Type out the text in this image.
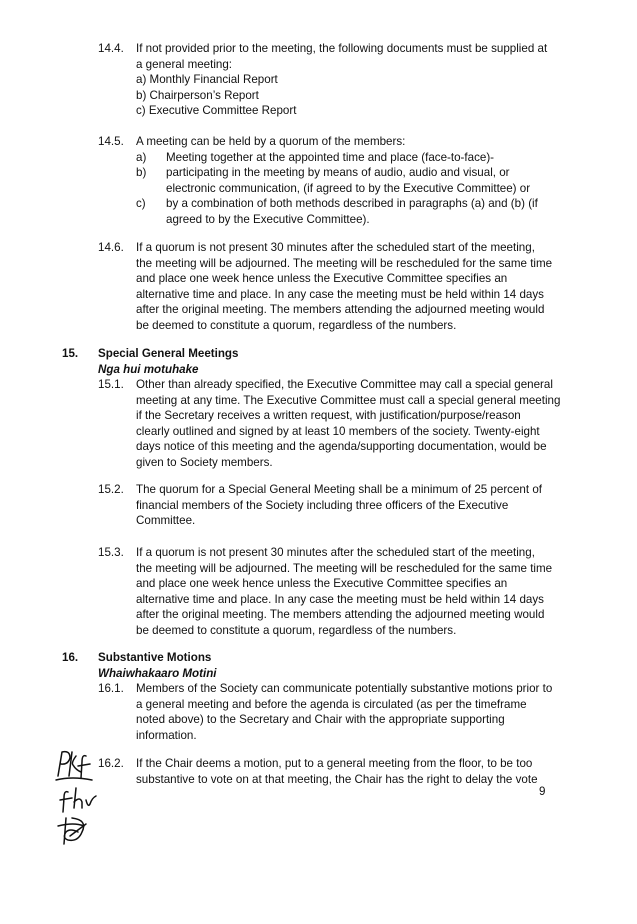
14.4. If not provided prior to the meeting, the following documents must be supplied at
a general meeting:
a) Monthly Financial Report
b) Chairperson’s Report
c) Executive Committee Report
14.5. A meeting can be held by a quorum of the members:
a) Meeting together at the appointed time and place (face-to-face)-
b) participating in the meeting by means of audio, audio and visual, or
electronic communication, (if agreed to by the Executive Committee) or
c) by a combination of both methods described in paragraphs (a) and (b) (if
agreed to by the Executive Committee).
14.6. If a quorum is not present 30 minutes after the scheduled start of the meeting,
the meeting will be adjourned. The meeting will be rescheduled for the same time
and place one week hence unless the Executive Committee specifies an
alternative time and place. In any case the meeting must be held within 14 days
after the original meeting. The members attending the adjourned meeting would
be deemed to constitute a quorum, regardless of the numbers.
15. Special General Meetings
Nga hui motuhake
15.1. Other than already specified, the Executive Committee may call a special general
meeting at any time. The Executive Committee must call a special general meeting
if the Secretary receives a written request, with justification/purpose/reason
clearly outlined and signed by at least 10 members of the society. Twenty-eight
days notice of this meeting and the agenda/supporting documentation, would be
given to Society members.
15.2. The quorum for a Special General Meeting shall be a minimum of 25 percent of
financial members of the Society including three officers of the Executive
Committee.
15.3. If a quorum is not present 30 minutes after the scheduled start of the meeting,
the meeting will be adjourned. The meeting will be rescheduled for the same time
and place one week hence unless the Executive Committee specifies an
alternative time and place. In any case the meeting must be held within 14 days
after the original meeting. The members attending the adjourned meeting would
be deemed to constitute a quorum, regardless of the numbers.
16. Substantive Motions
Whaiwhakaaro Motini
16.1. Members of the Society can communicate potentially substantive motions prior to
a general meeting and before the agenda is circulated (as per the timeframe
noted above) to the Secretary and Chair with the appropriate supporting
information.
16.2. If the Chair deems a motion, put to a general meeting from the floor, to be too
substantive to vote on at that meeting, the Chair has the right to delay the vote
9
